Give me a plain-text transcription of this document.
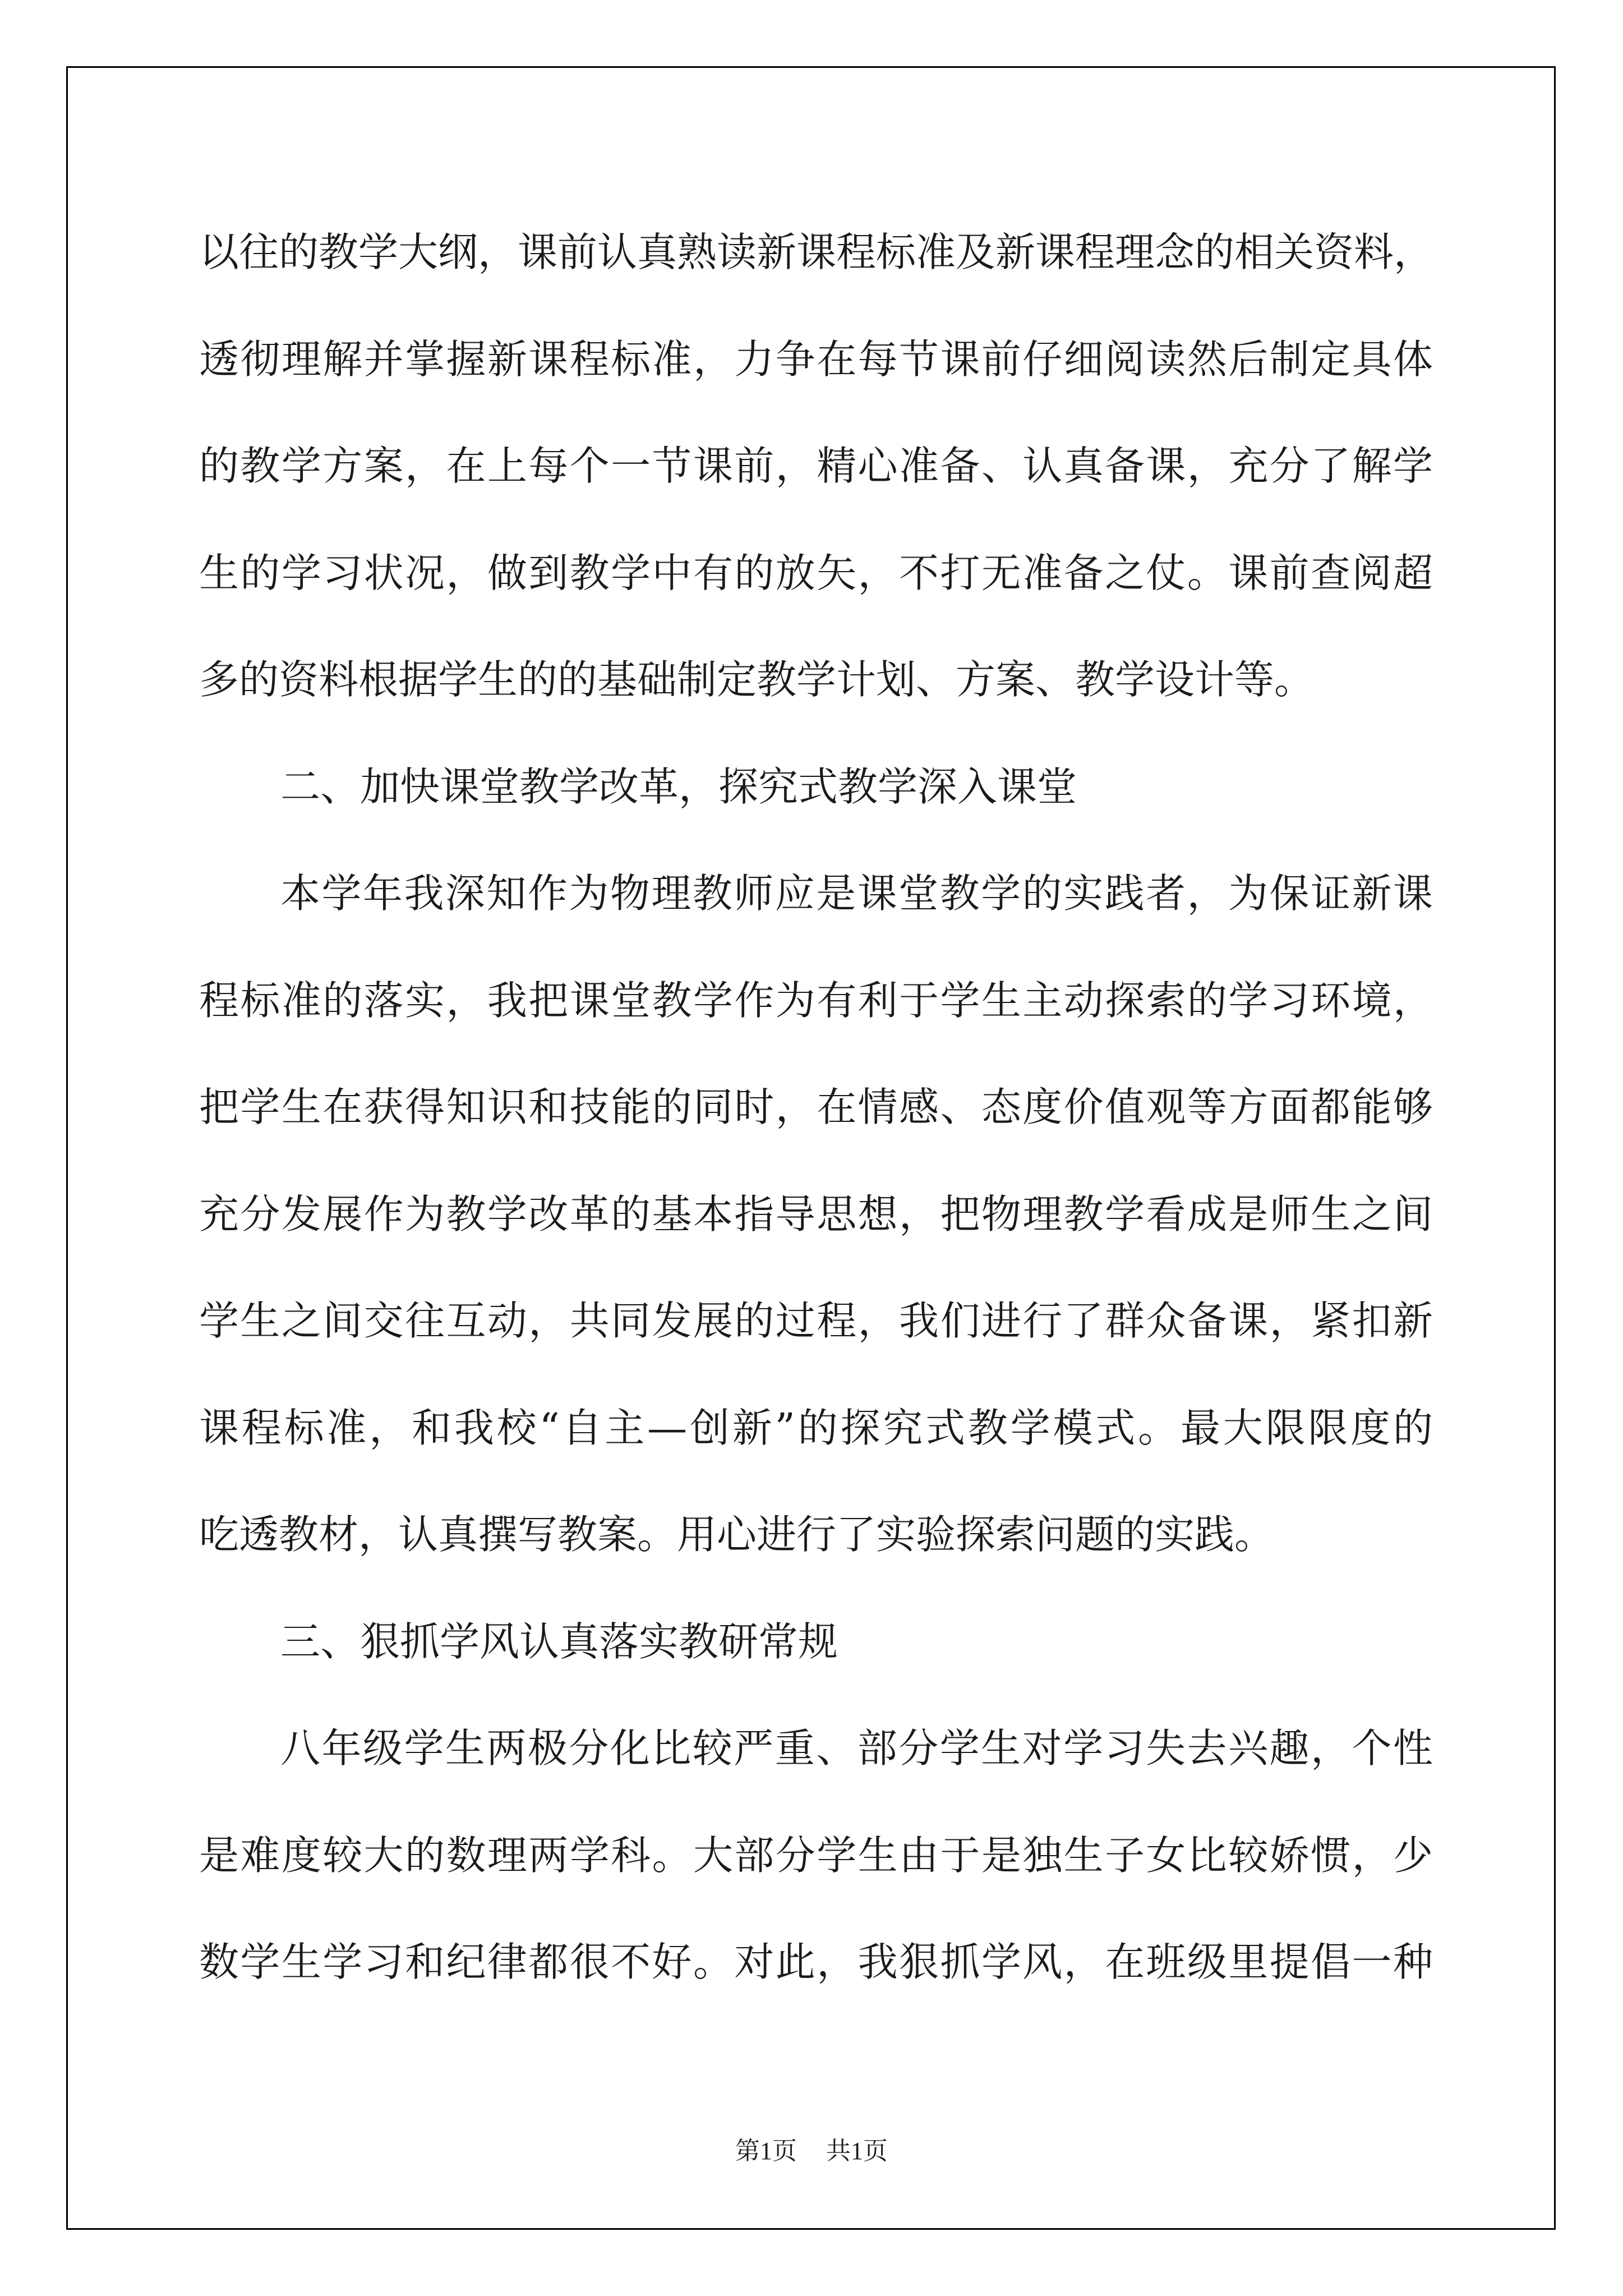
以往的教学大纲，课前认真熟读新课程标准及新课程理念的相关资料，
透彻理解并掌握新课程标准，力争在每节课前仔细阅读然后制定具体
的教学方案，在上每个一节课前，精心准备、认真备课，充分了解学
生的学习状况，做到教学中有的放矢，不打无准备之仗。课前查阅超
多的资料根据学生的的基础制定教学计划、方案、教学设计等。
二、加快课堂教学改革，探究式教学深入课堂
本学年我深知作为物理教师应是课堂教学的实践者，为保证新课
程标准的落实，我把课堂教学作为有利于学生主动探索的学习环境，
把学生在获得知识和技能的同时，在情感、态度价值观等方面都能够
充分发展作为教学改革的基本指导思想，把物理教学看成是师生之间
学生之间交往互动，共同发展的过程，我们进行了群众备课，紧扣新
课程标准，和我校“自主—创新”的探究式教学模式。最大限限度的
吃透教材，认真撰写教案。用心进行了实验探索问题的实践。
三、狠抓学风认真落实教研常规
八年级学生两极分化比较严重、部分学生对学习失去兴趣，个性
是难度较大的数理两学科。大部分学生由于是独生子女比较娇惯，少
数学生学习和纪律都很不好。对此，我狠抓学风，在班级里提倡一种
第1页 共1页
